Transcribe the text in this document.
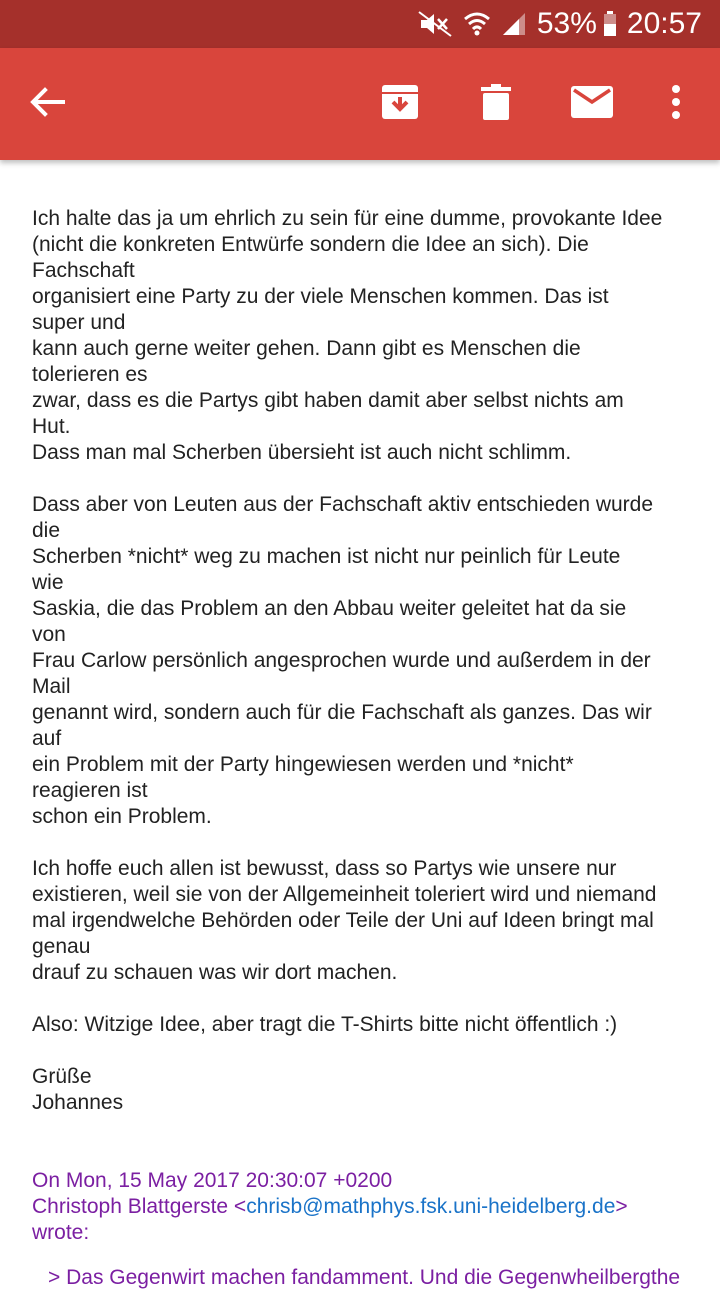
53% 20:57

Ich halte das ja um ehrlich zu sein für eine dumme, provokante Idee
(nicht die konkreten Entwürfe sondern die Idee an sich). Die
Fachschaft
organisiert eine Party zu der viele Menschen kommen. Das ist
super und
kann auch gerne weiter gehen. Dann gibt es Menschen die
tolerieren es
zwar, dass es die Partys gibt haben damit aber selbst nichts am
Hut.
Dass man mal Scherben übersieht ist auch nicht schlimm.

Dass aber von Leuten aus der Fachschaft aktiv entschieden wurde
die
Scherben *nicht* weg zu machen ist nicht nur peinlich für Leute
wie
Saskia, die das Problem an den Abbau weiter geleitet hat da sie
von
Frau Carlow persönlich angesprochen wurde und außerdem in der
Mail
genannt wird, sondern auch für die Fachschaft als ganzes. Das wir
auf
ein Problem mit der Party hingewiesen werden und *nicht*
reagieren ist
schon ein Problem.

Ich hoffe euch allen ist bewusst, dass so Partys wie unsere nur
existieren, weil sie von der Allgemeinheit toleriert wird und niemand
mal irgendwelche Behörden oder Teile der Uni auf Ideen bringt mal
genau
drauf zu schauen was wir dort machen.

Also: Witzige Idee, aber tragt die T-Shirts bitte nicht öffentlich :)

Grüße
Johannes

On Mon, 15 May 2017 20:30:07 +0200
Christoph Blattgerste <chrisb@mathphys.fsk.uni-heidelberg.de>
wrote:
> Das Gegenwirt machen fandamment. Und die Gegenwheilbergthe
